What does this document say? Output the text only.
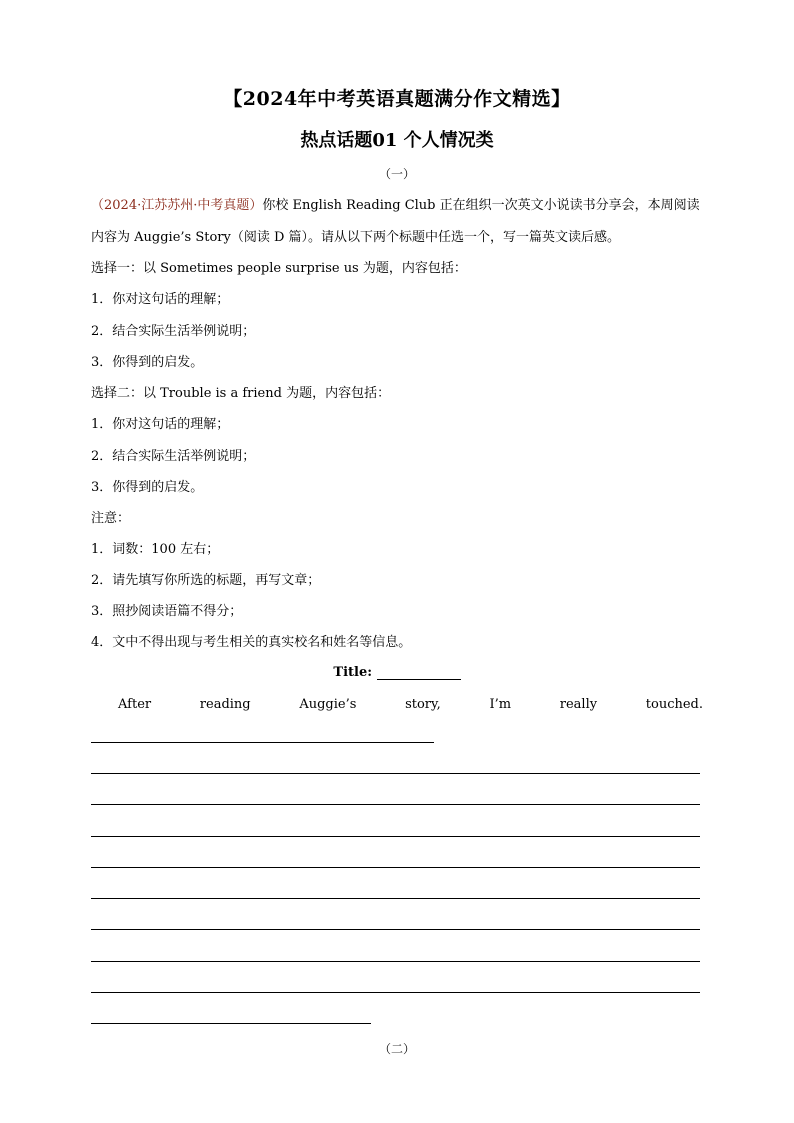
【2024年中考英语真题满分作文精选】
热点话题01 个人情况类
（一）
（2024·江苏苏州·中考真题）你校 English Reading Club 正在组织一次英文小说读书分享会，本周阅读
内容为 Auggie’s Story（阅读 D 篇）。请从以下两个标题中任选一个，写一篇英文读后感。
选择一：以 Sometimes people surprise us 为题，内容包括：
1．你对这句话的理解；
2．结合实际生活举例说明；
3．你得到的启发。
选择二：以 Trouble is a friend 为题，内容包括：
1．你对这句话的理解；
2．结合实际生活举例说明；
3．你得到的启发。
注意：
1．词数：100 左右；
2．请先填写你所选的标题，再写文章；
3．照抄阅读语篇不得分；
4．文中不得出现与考生相关的真实校名和姓名等信息。
Title:
After	reading	Auggie’s	story,	I’m	really	touched.
（二）
